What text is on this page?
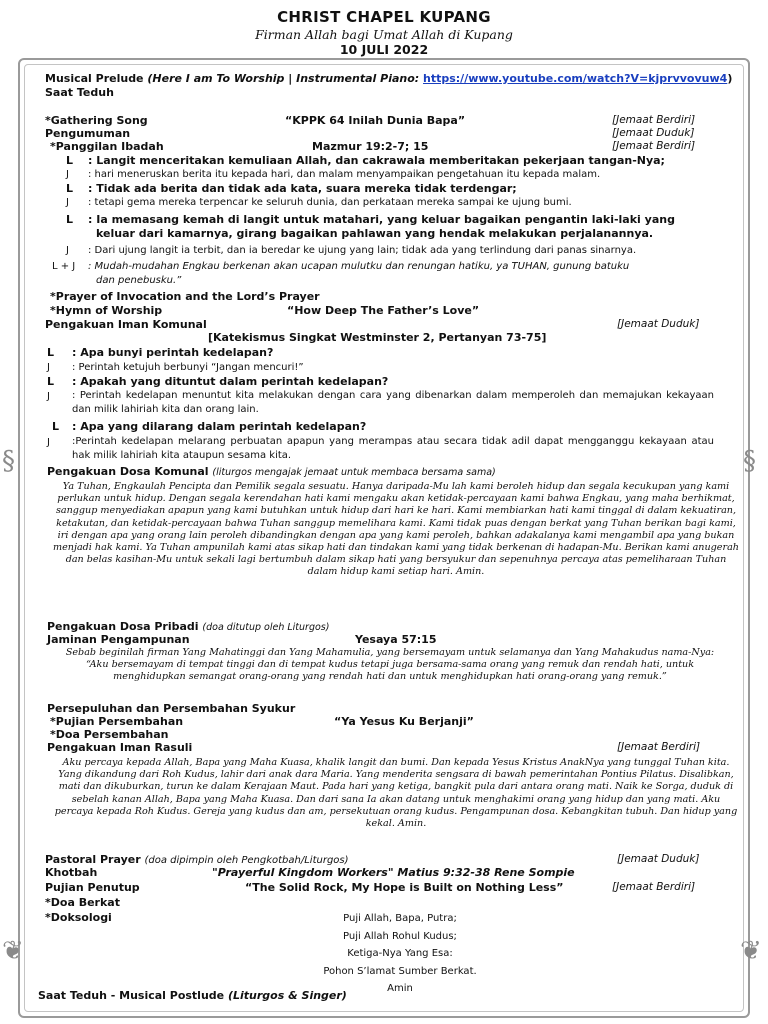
§	§
❦	❦
CHRIST CHAPEL KUPANG
Firman Allah bagi Umat Allah di Kupang
10 JULI 2022
Musical Prelude (Here I am To Worship | Instrumental Piano: https://www.youtube.com/watch?V=kjprvvovuw4)
Saat Teduh
*Gathering Song	“KPPK 64 Inilah Dunia Bapa”	[Jemaat Berdiri]
Pengumuman	[Jemaat Duduk]
*Panggilan Ibadah	Mazmur 19:2-7; 15	[Jemaat Berdiri]
L : Langit menceritakan kemuliaan Allah, dan cakrawala memberitakan pekerjaan tangan-Nya;
J : hari meneruskan berita itu kepada hari, dan malam menyampaikan pengetahuan itu kepada malam.
L : Tidak ada berita dan tidak ada kata, suara mereka tidak terdengar;
J : tetapi gema mereka terpencar ke seluruh dunia, dan perkataan mereka sampai ke ujung bumi.
L : Ia memasang kemah di langit untuk matahari, yang keluar bagaikan pengantin laki-laki yang
keluar dari kamarnya, girang bagaikan pahlawan yang hendak melakukan perjalanannya.
J : Dari ujung langit ia terbit, dan ia beredar ke ujung yang lain; tidak ada yang terlindung dari panas sinarnya.
L + J : Mudah-mudahan Engkau berkenan akan ucapan mulutku dan renungan hatiku, ya TUHAN, gunung batuku
dan penebusku.”
*Prayer of Invocation and the Lord’s Prayer
*Hymn of Worship	“How Deep The Father’s Love”
Pengakuan Iman Komunal	[Jemaat Duduk]
[Katekismus Singkat Westminster 2, Pertanyan 73-75]
L : Apa bunyi perintah kedelapan?
J : Perintah ketujuh berbunyi “Jangan mencuri!”
L : Apakah yang dituntut dalam perintah kedelapan?
J : Perintah kedelapan menuntut kita melakukan dengan cara yang dibenarkan dalam memperoleh dan memajukan kekayaan dan milik lahiriah kita dan orang lain.
L : Apa yang dilarang dalam perintah kedelapan?
J :Perintah kedelapan melarang perbuatan apapun yang merampas atau secara tidak adil dapat mengganggu kekayaan atau hak milik lahiriah kita ataupun sesama kita.
Pengakuan Dosa Komunal (liturgos mengajak jemaat untuk membaca bersama sama)
Ya Tuhan, Engkaulah Pencipta dan Pemilik segala sesuatu. Hanya daripada-Mu lah kami beroleh hidup dan segala kecukupan yang kami perlukan untuk hidup. Dengan segala kerendahan hati kami mengaku akan ketidak-percayaan kami bahwa Engkau, yang maha berhikmat, sanggup menyediakan apapun yang kami butuhkan untuk hidup dari hari ke hari. Kami membiarkan hati kami tinggal di dalam kekuatiran, ketakutan, dan ketidak-percayaan bahwa Tuhan sanggup memelihara kami. Kami tidak puas dengan berkat yang Tuhan berikan bagi kami, iri dengan apa yang orang lain peroleh dibandingkan dengan apa yang kami peroleh, bahkan adakalanya kami mengambil apa yang bukan menjadi hak kami. Ya Tuhan ampunilah kami atas sikap hati dan tindakan kami yang tidak berkenan di hadapan-Mu. Berikan kami anugerah dan belas kasihan-Mu untuk sekali lagi bertumbuh dalam sikap hati yang bersyukur dan sepenuhnya percaya atas pemeliharaan Tuhan dalam hidup kami setiap hari. Amin.
Pengakuan Dosa Pribadi (doa ditutup oleh Liturgos)
Jaminan Pengampunan	Yesaya 57:15
Sebab beginilah firman Yang Mahatinggi dan Yang Mahamulia, yang bersemayam untuk selamanya dan Yang Mahakudus nama-Nya: “Aku bersemayam di tempat tinggi dan di tempat kudus tetapi juga bersama-sama orang yang remuk dan rendah hati, untuk menghidupkan semangat orang-orang yang rendah hati dan untuk menghidupkan hati orang-orang yang remuk.”
Persepuluhan dan Persembahan Syukur
*Pujian Persembahan	“Ya Yesus Ku Berjanji”
*Doa Persembahan
Pengakuan Iman Rasuli	[Jemaat Berdiri]
Aku percaya kepada Allah, Bapa yang Maha Kuasa, khalik langit dan bumi. Dan kepada Yesus Kristus AnakNya yang tunggal Tuhan kita. Yang dikandung dari Roh Kudus, lahir dari anak dara Maria. Yang menderita sengsara di bawah pemerintahan Pontius Pilatus. Disalibkan, mati dan dikuburkan, turun ke dalam Kerajaan Maut. Pada hari yang ketiga, bangkit pula dari antara orang mati. Naik ke Sorga, duduk di sebelah kanan Allah, Bapa yang Maha Kuasa. Dan dari sana Ia akan datang untuk menghakimi orang yang hidup dan yang mati. Aku percaya kepada Roh Kudus. Gereja yang kudus dan am, persekutuan orang kudus. Pengampunan dosa. Kebangkitan tubuh. Dan hidup yang kekal. Amin.
Pastoral Prayer (doa dipimpin oleh Pengkotbah/Liturgos)	[Jemaat Duduk]
Khotbah	"Prayerful Kingdom Workers" Matius 9:32-38 Rene Sompie
Pujian Penutup	“The Solid Rock, My Hope is Built on Nothing Less”	[Jemaat Berdiri]
*Doa Berkat
*Doksologi	Puji Allah, Bapa, Putra;
Puji Allah Rohul Kudus;
Ketiga-Nya Yang Esa:
Pohon S’lamat Sumber Berkat.
Amin
Saat Teduh - Musical Postlude (Liturgos & Singer)
